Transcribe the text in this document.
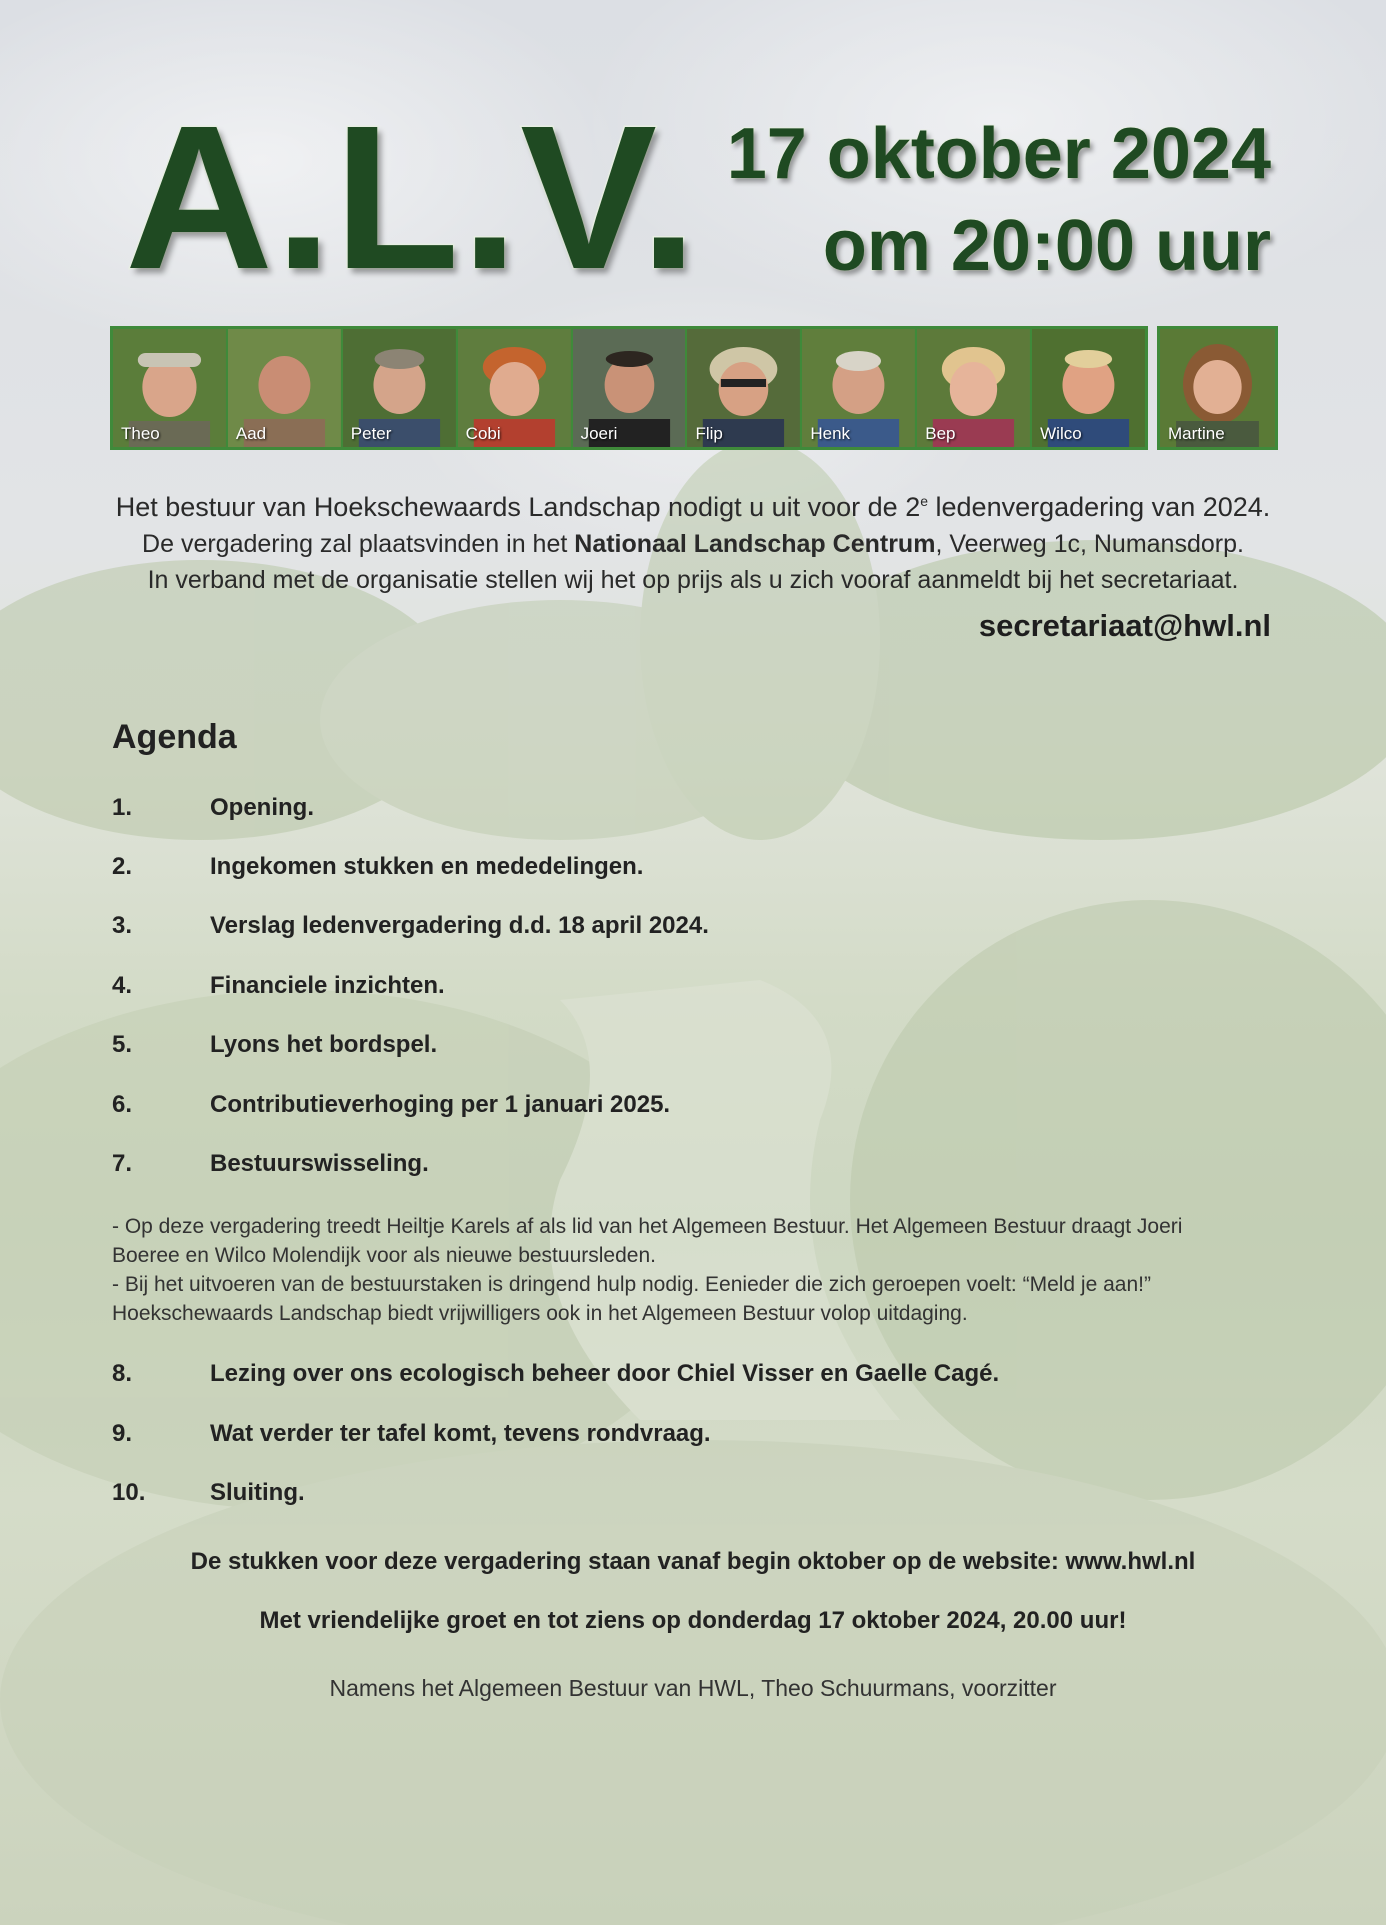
A.L.V. 17 oktober 2024

om 20:00 uur

Theo	Aad	Peter	Cobi	Joeri	Flip	Henk	Bep	Wilco	Martine

Het bestuur van Hoekschewaards Landschap nodigt u uit voor de 2e ledenvergadering van 2024.

De vergadering zal plaatsvinden in het Nationaal Landschap Centrum, Veerweg 1c, Numansdorp.

In verband met de organisatie stellen wij het op prijs als u zich vooraf aanmeldt bij het secretariaat.

secretariaat@hwl.nl

Agenda
1.	Opening.
2.	Ingekomen stukken en mededelingen.
3.	Verslag ledenvergadering d.d. 18 april 2024.
4.	Financiele inzichten.
5.	Lyons het bordspel.
6.	Contributieverhoging per 1 januari 2025.
7.	Bestuurswisseling.

- Op deze vergadering treedt Heiltje Karels af als lid van het Algemeen Bestuur. Het Algemeen Bestuur draagt Joeri Boeree en Wilco Molendijk voor als nieuwe bestuursleden.

- Bij het uitvoeren van de bestuurstaken is dringend hulp nodig. Eenieder die zich geroepen voelt: “Meld je aan!” Hoekschewaards Landschap biedt vrijwilligers ook in het Algemeen Bestuur volop uitdaging.

8.	Lezing over ons ecologisch beheer door Chiel Visser en Gaelle Cagé.
9.	Wat verder ter tafel komt, tevens rondvraag.
10.	Sluiting.

De stukken voor deze vergadering staan vanaf begin oktober op de website: www.hwl.nl

Met vriendelijke groet en tot ziens op donderdag 17 oktober 2024, 20.00 uur!

Namens het Algemeen Bestuur van HWL, Theo Schuurmans, voorzitter
